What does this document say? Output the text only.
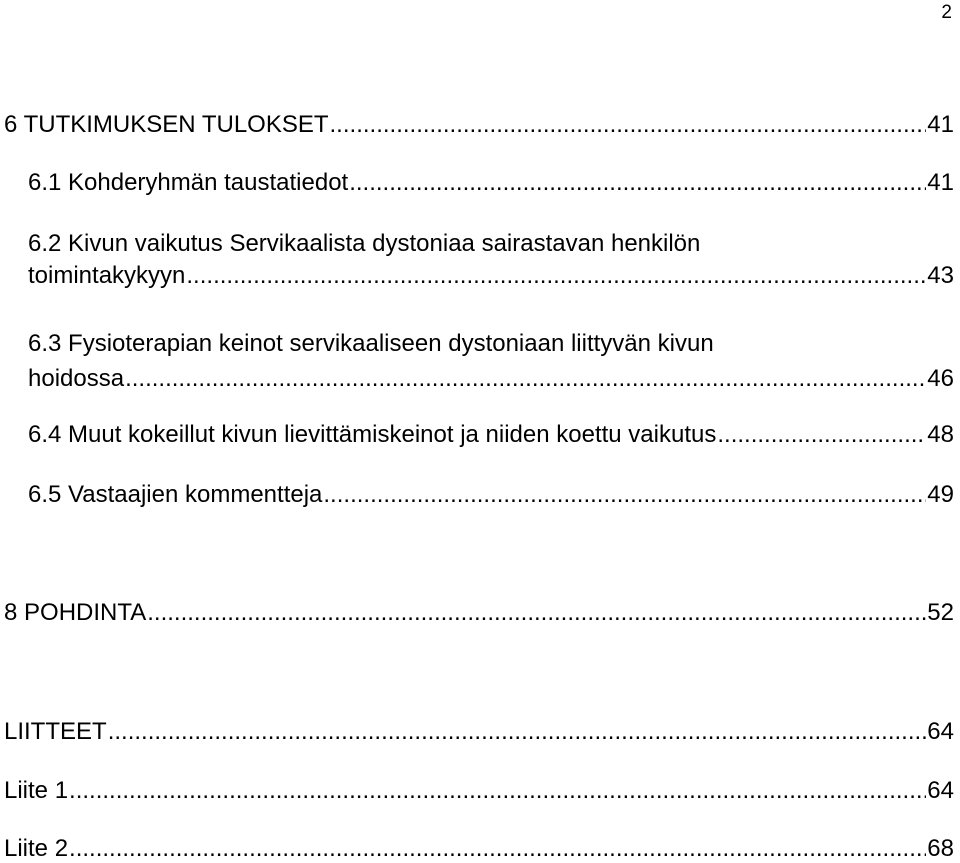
2
6 TUTKIMUKSEN TULOKSET .....	41
6.1 Kohderyhmän taustatiedot .....	41
6.2 Kivun vaikutus Servikaalista dystoniaa sairastavan henkilön
toimintakykyyn .....	43
6.3 Fysioterapian keinot servikaaliseen dystoniaan liittyvän kivun
hoidossa .....	46
6.4 Muut kokeillut kivun lievittämiskeinot ja niiden koettu vaikutus .....	48
6.5 Vastaajien kommentteja .....	49
8 POHDINTA .....	52
LIITTEET .....	64
Liite 1 .....	64
Liite 2 .....	68
